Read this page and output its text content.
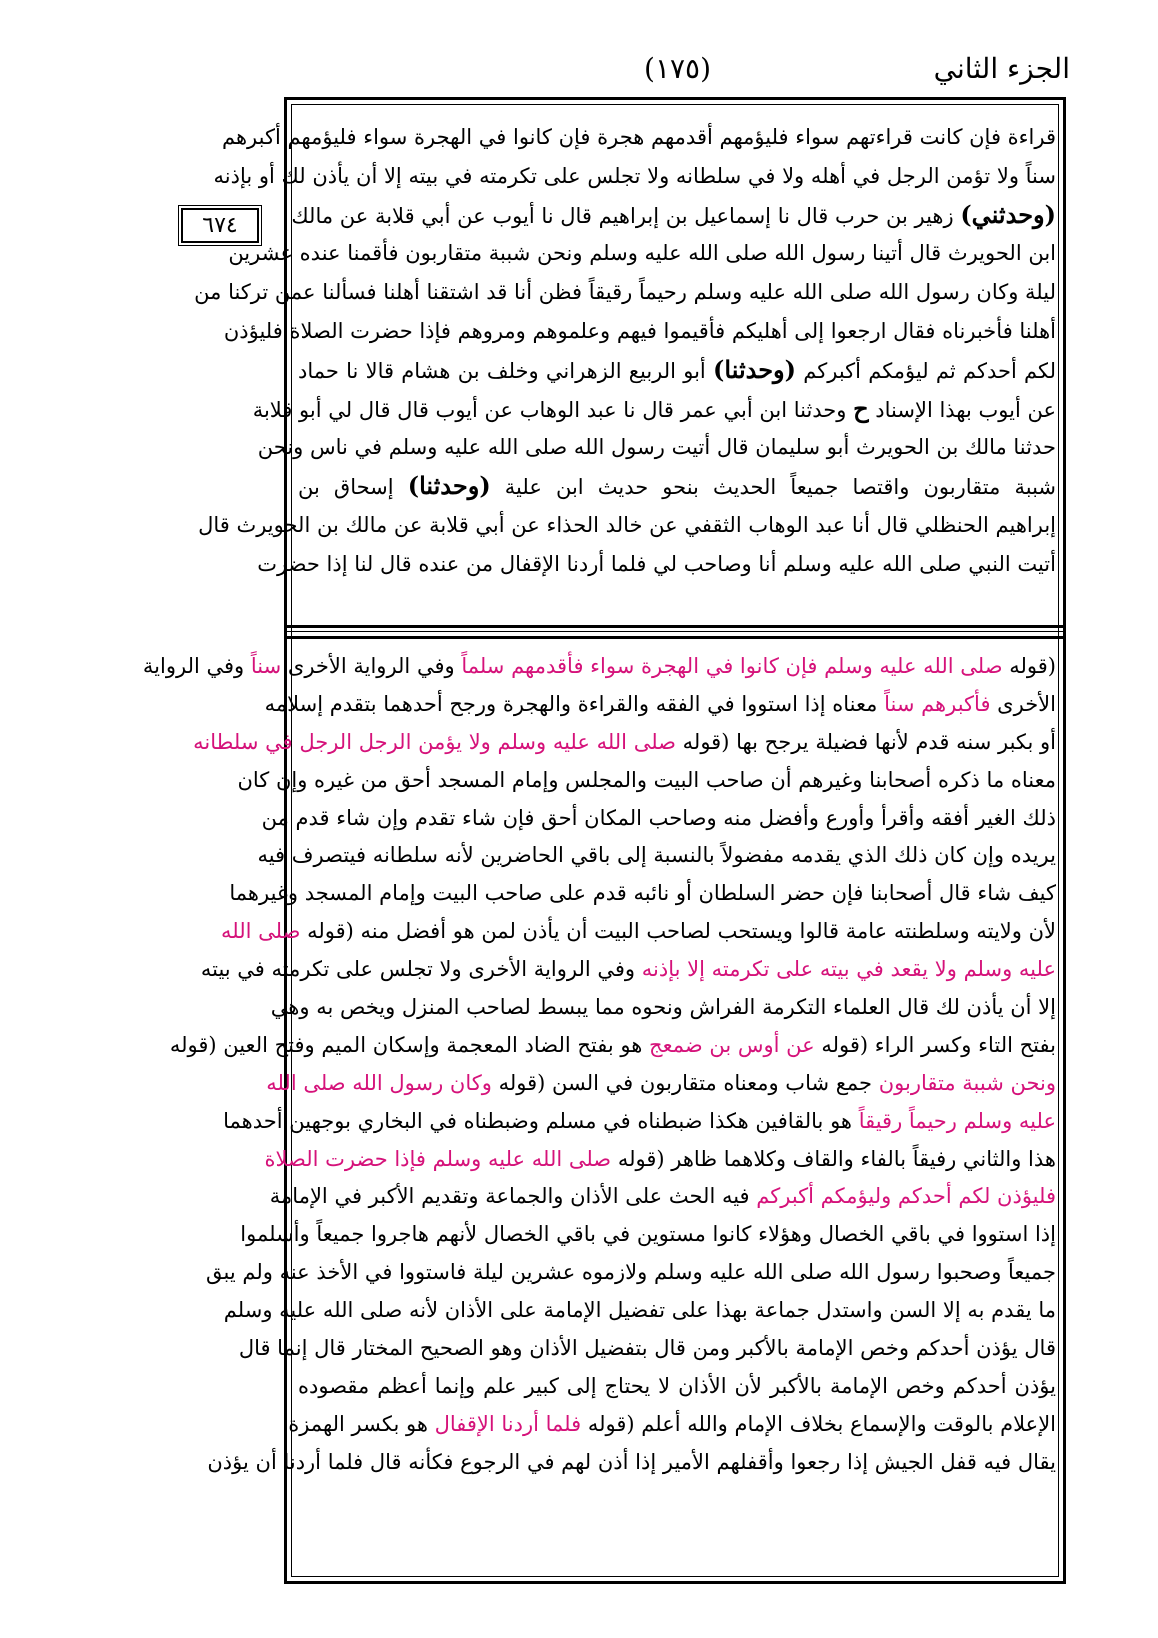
الجزء الثاني
(١٧٥)
٦٧٤
قراءة فإن كانت قراءتهم سواء فليؤمهم أقدمهم هجرة فإن كانوا في الهجرة سواء فليؤمهم أكبرهم
سناً ولا تؤمن الرجل في أهله ولا في سلطانه ولا تجلس على تكرمته في بيته إلا أن يأذن لك أو بإذنه
(وحدثني) زهير بن حرب قال نا إسماعيل بن إبراهيم قال نا أيوب عن أبي قلابة عن مالك
ابن الحويرث قال أتينا رسول الله صلى الله عليه وسلم ونحن شببة متقاربون فأقمنا عنده عشرين
ليلة وكان رسول الله صلى الله عليه وسلم رحيماً رقيقاً فظن أنا قد اشتقنا أهلنا فسألنا عمن تركنا من
أهلنا فأخبرناه فقال ارجعوا إلى أهليكم فأقيموا فيهم وعلموهم ومروهم فإذا حضرت الصلاة فليؤذن
لكم أحدكم ثم ليؤمكم أكبركم (وحدثنا) أبو الربيع الزهراني وخلف بن هشام قالا نا حماد
عن أيوب بهذا الإسناد ح وحدثنا ابن أبي عمر قال نا عبد الوهاب عن أيوب قال قال لي أبو قلابة
حدثنا مالك بن الحويرث أبو سليمان قال أتيت رسول الله صلى الله عليه وسلم في ناس ونحن
شببة متقاربون واقتصا جميعاً الحديث بنحو حديث ابن علية (وحدثنا) إسحاق بن
إبراهيم الحنظلي قال أنا عبد الوهاب الثقفي عن خالد الحذاء عن أبي قلابة عن مالك بن الحويرث قال
أتيت النبي صلى الله عليه وسلم أنا وصاحب لي فلما أردنا الإقفال من عنده قال لنا إذا حضرت
(قوله صلى الله عليه وسلم فإن كانوا في الهجرة سواء فأقدمهم سلماً وفي الرواية الأخرى سناً وفي الرواية
الأخرى فأكبرهم سناً معناه إذا استووا في الفقه والقراءة والهجرة ورجح أحدهما بتقدم إسلامه
أو بكبر سنه قدم لأنها فضيلة يرجح بها (قوله صلى الله عليه وسلم ولا يؤمن الرجل الرجل في سلطانه
معناه ما ذكره أصحابنا وغيرهم أن صاحب البيت والمجلس وإمام المسجد أحق من غيره وإن كان
ذلك الغير أفقه وأقرأ وأورع وأفضل منه وصاحب المكان أحق فإن شاء تقدم وإن شاء قدم من
يريده وإن كان ذلك الذي يقدمه مفضولاً بالنسبة إلى باقي الحاضرين لأنه سلطانه فيتصرف فيه
كيف شاء قال أصحابنا فإن حضر السلطان أو نائبه قدم على صاحب البيت وإمام المسجد وغيرهما
لأن ولايته وسلطنته عامة قالوا ويستحب لصاحب البيت أن يأذن لمن هو أفضل منه (قوله صلى الله
عليه وسلم ولا يقعد في بيته على تكرمته إلا بإذنه وفي الرواية الأخرى ولا تجلس على تكرمته في بيته
إلا أن يأذن لك قال العلماء التكرمة الفراش ونحوه مما يبسط لصاحب المنزل ويخص به وهي
بفتح التاء وكسر الراء (قوله عن أوس بن ضمعج هو بفتح الضاد المعجمة وإسكان الميم وفتح العين (قوله
ونحن شببة متقاربون جمع شاب ومعناه متقاربون في السن (قوله وكان رسول الله صلى الله
عليه وسلم رحيماً رقيقاً هو بالقافين هكذا ضبطناه في مسلم وضبطناه في البخاري بوجهين أحدهما
هذا والثاني رفيقاً بالفاء والقاف وكلاهما ظاهر (قوله صلى الله عليه وسلم فإذا حضرت الصلاة
فليؤذن لكم أحدكم وليؤمكم أكبركم فيه الحث على الأذان والجماعة وتقديم الأكبر في الإمامة
إذا استووا في باقي الخصال وهؤلاء كانوا مستوين في باقي الخصال لأنهم هاجروا جميعاً وأسلموا
جميعاً وصحبوا رسول الله صلى الله عليه وسلم ولازموه عشرين ليلة فاستووا في الأخذ عنه ولم يبق
ما يقدم به إلا السن واستدل جماعة بهذا على تفضيل الإمامة على الأذان لأنه صلى الله عليه وسلم
قال يؤذن أحدكم وخص الإمامة بالأكبر ومن قال بتفضيل الأذان وهو الصحيح المختار قال إنما قال
يؤذن أحدكم وخص الإمامة بالأكبر لأن الأذان لا يحتاج إلى كبير علم وإنما أعظم مقصوده
الإعلام بالوقت والإسماع بخلاف الإمام والله أعلم (قوله فلما أردنا الإقفال هو بكسر الهمزة
يقال فيه قفل الجيش إذا رجعوا وأقفلهم الأمير إذا أذن لهم في الرجوع فكأنه قال فلما أردنا أن يؤذن
